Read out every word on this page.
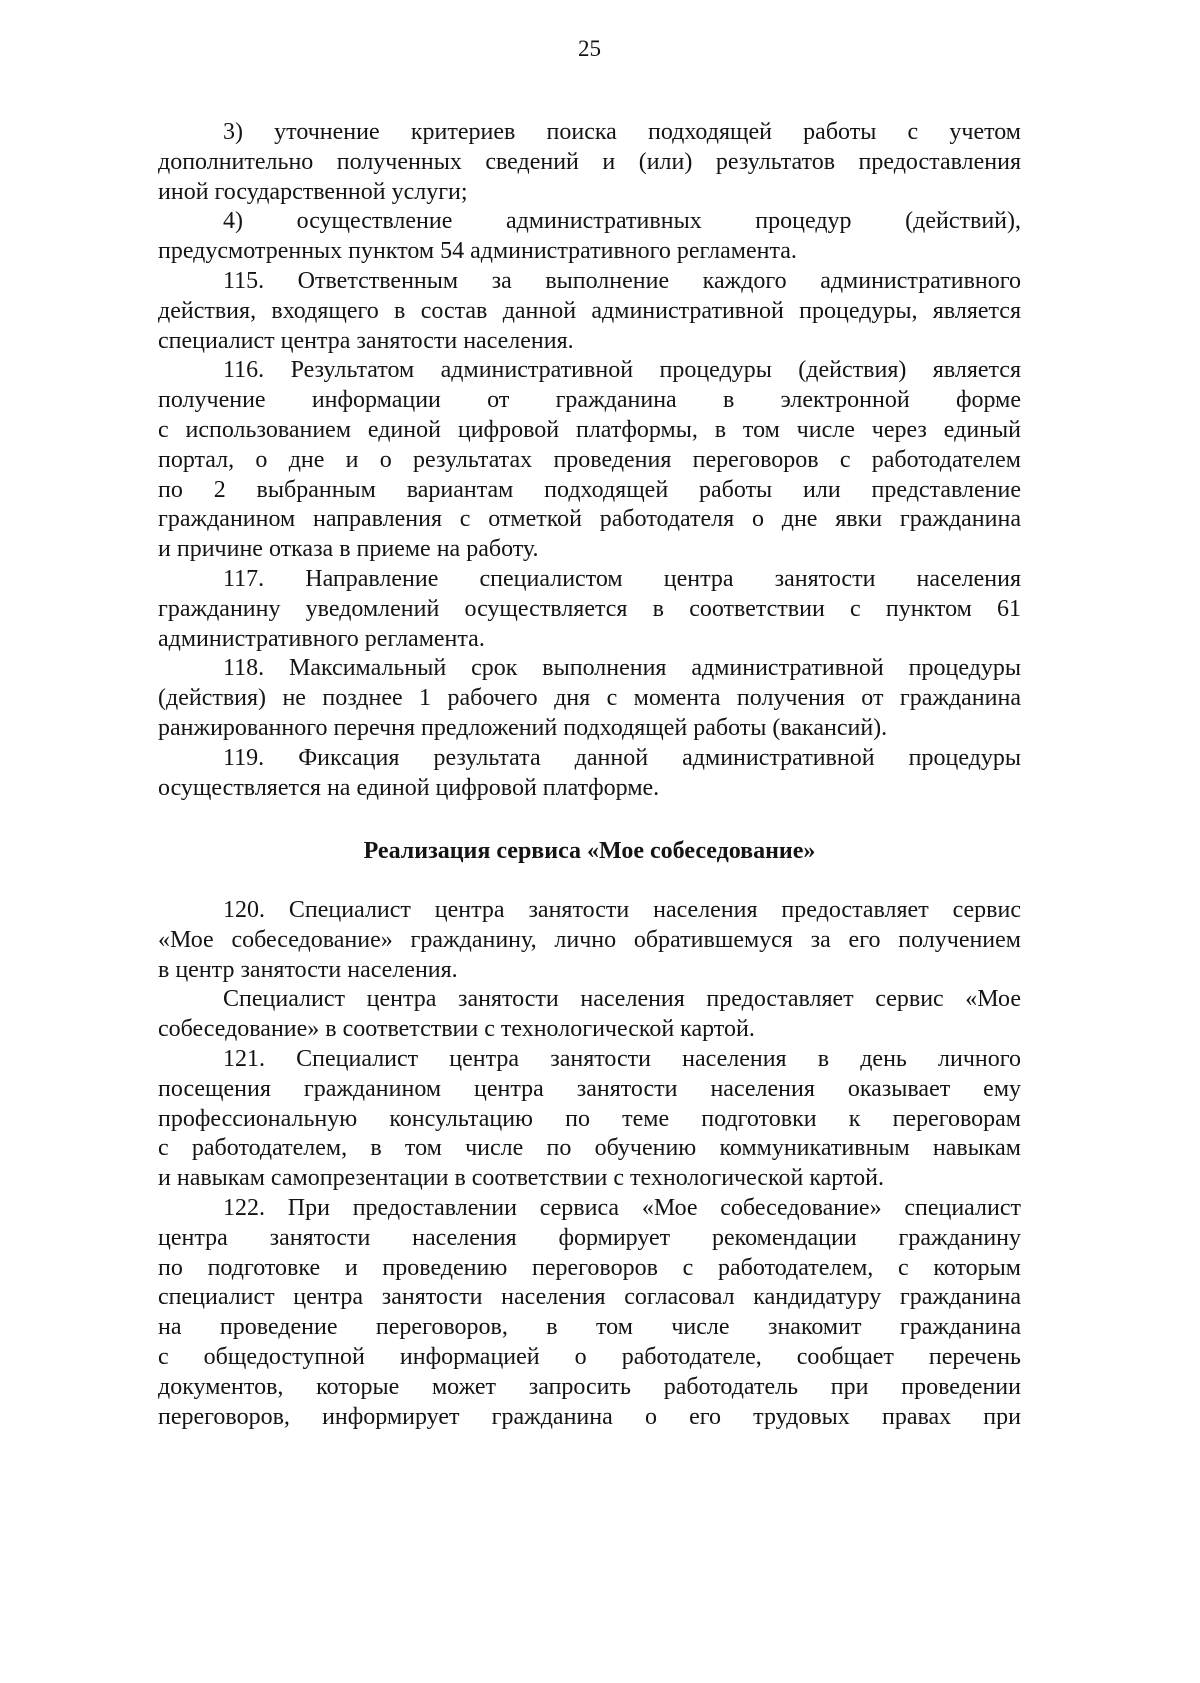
25
3) уточнение критериев поиска подходящей работы с учетом
дополнительно полученных сведений и (или) результатов предоставления
иной государственной услуги;
4) осуществление административных процедур (действий),
предусмотренных пунктом 54 административного регламента.
115. Ответственным за выполнение каждого административного
действия, входящего в состав данной административной процедуры, является
специалист центра занятости населения.
116. Результатом административной процедуры (действия) является
получение информации от гражданина в электронной форме
с использованием единой цифровой платформы, в том числе через единый
портал, о дне и о результатах проведения переговоров с работодателем
по 2 выбранным вариантам подходящей работы или представление
гражданином направления с отметкой работодателя о дне явки гражданина
и причине отказа в приеме на работу.
117. Направление специалистом центра занятости населения
гражданину уведомлений осуществляется в соответствии с пунктом 61
административного регламента.
118. Максимальный срок выполнения административной процедуры
(действия) не позднее 1 рабочего дня с момента получения от гражданина
ранжированного перечня предложений подходящей работы (вакансий).
119. Фиксация результата данной административной процедуры
осуществляется на единой цифровой платформе.
Реализация сервиса «Мое собеседование»
120. Специалист центра занятости населения предоставляет сервис
«Мое собеседование» гражданину, лично обратившемуся за его получением
в центр занятости населения.
Специалист центра занятости населения предоставляет сервис «Мое
собеседование» в соответствии с технологической картой.
121. Специалист центра занятости населения в день личного
посещения гражданином центра занятости населения оказывает ему
профессиональную консультацию по теме подготовки к переговорам
с работодателем, в том числе по обучению коммуникативным навыкам
и навыкам самопрезентации в соответствии с технологической картой.
122. При предоставлении сервиса «Мое собеседование» специалист
центра занятости населения формирует рекомендации гражданину
по подготовке и проведению переговоров с работодателем, с которым
специалист центра занятости населения согласовал кандидатуру гражданина
на проведение переговоров, в том числе знакомит гражданина
с общедоступной информацией о работодателе, сообщает перечень
документов, которые может запросить работодатель при проведении
переговоров, информирует гражданина о его трудовых правах при
